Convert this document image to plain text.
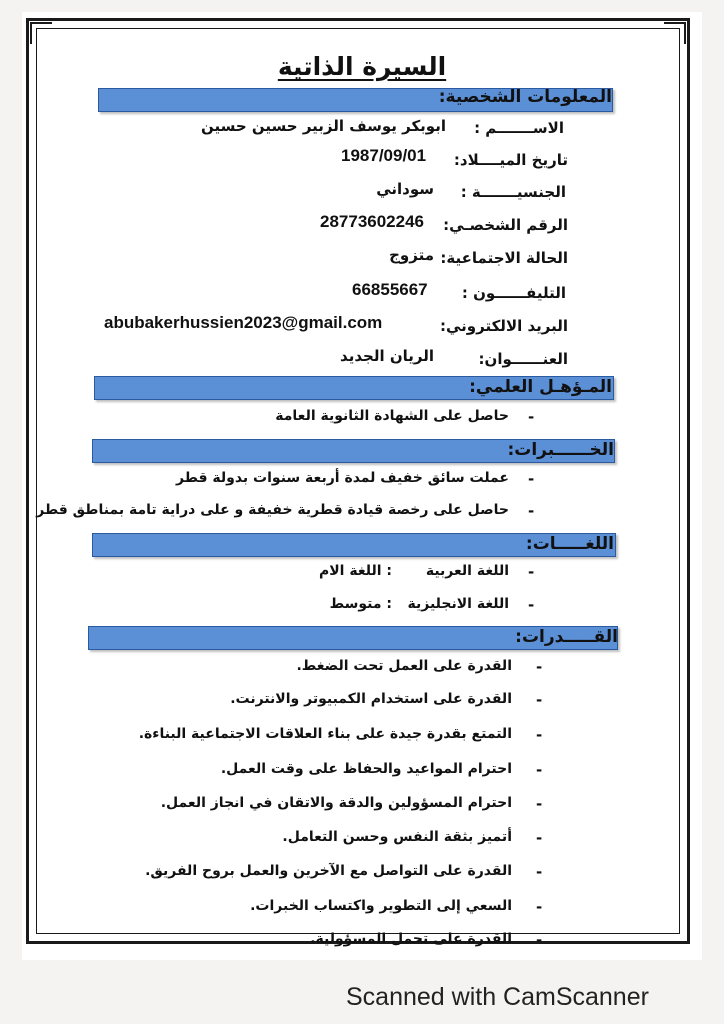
السيرة الذاتية
المعلومات الشخصية:
الاســـــــم :
ابوبكر يوسف الزبير حسين حسين
تاريخ الميــــلاد:
1987/09/01
الجنسيـــــــة :
سوداني
الرقم الشخصـي:
28773602246
الحالة الاجتماعية:
متزوج
التليفــــــون :
66855667
البريد الالكتروني:
abubakerhussien2023@gmail.com
العنــــــوان:
الريان الجديد
المـؤهـل العلمي:
-
حاصل على الشهادة الثانوية العامة
الخــــــبرات:
-
عملت سائق خفيف لمدة أربعة سنوات بدولة قطر
-
حاصل على رخصة قيادة قطرية خفيفة و على دراية تامة بمناطق قطر
اللغـــــات:
-
اللغة العربية
: اللغة الام
-
اللغة الانجليزية
: متوسط
القـــــدرات:
-
القدرة على العمل تحت الضغط.
-
القدرة على استخدام الكمبيوتر والانترنت.
-
التمتع بقدرة جيدة على بناء العلاقات الاجتماعية البناءة.
-
احترام المواعيد والحفاظ على وقت العمل.
-
احترام المسؤولين والدقة والاتقان في انجاز العمل.
-
أتميز بثقة النفس وحسن التعامل.
-
القدرة على التواصل مع الآخرين والعمل بروح الفريق.
-
السعي إلى التطوير واكتساب الخبرات.
-
القدرة على تحمل المسؤولية.
Scanned with CamScanner
